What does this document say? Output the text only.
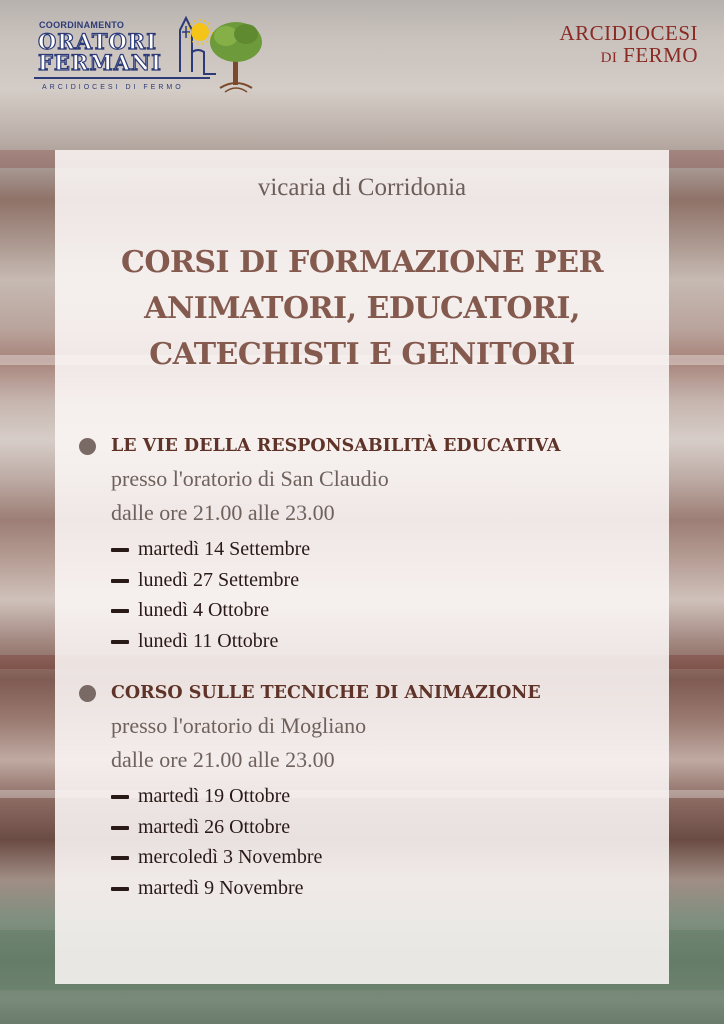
COORDINAMENTO
ORATORI
FERMANI
ARCIDIOCESI DI FERMO
ARCIDIOCESI
DI FERMO
vicaria di Corridonia
CORSI DI FORMAZIONE PER ANIMATORI, EDUCATORI, CATECHISTI E GENITORI
LE VIE DELLA RESPONSABILITÀ EDUCATIVA
presso l'oratorio di San Claudio
dalle ore 21.00 alle 23.00
martedì 14 Settembre
lunedì 27 Settembre
lunedì 4 Ottobre
lunedì 11 Ottobre
CORSO SULLE TECNICHE DI ANIMAZIONE
presso l'oratorio di Mogliano
dalle ore 21.00 alle 23.00
martedì 19 Ottobre
martedì 26 Ottobre
mercoledì 3 Novembre
martedì 9 Novembre
